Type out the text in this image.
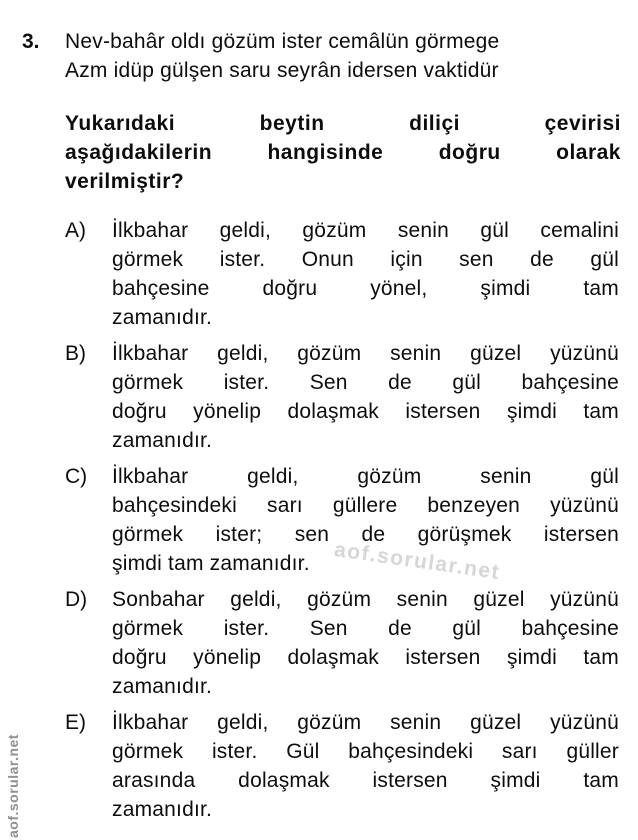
3. Nev-bahâr oldı gözüm ister cemâlün görmege
Azm idüp gülşen saru seyrân idersen vaktidür
Yukarıdaki beytin diliçi çevirisi
aşağıdakilerin hangisinde doğru olarak
verilmiştir?
A)	İlkbahar geldi, gözüm senin gül cemalini
görmek ister. Onun için sen de gül
bahçesine doğru yönel, şimdi tam
zamanıdır.
B)	İlkbahar geldi, gözüm senin güzel yüzünü
görmek ister. Sen de gül bahçesine
doğru yönelip dolaşmak istersen şimdi tam
zamanıdır.
C)	İlkbahar geldi, gözüm senin gül
bahçesindeki sarı güllere benzeyen yüzünü
görmek ister; sen de görüşmek istersen
şimdi tam zamanıdır.
D)	Sonbahar geldi, gözüm senin güzel yüzünü
görmek ister. Sen de gül bahçesine
doğru yönelip dolaşmak istersen şimdi tam
zamanıdır.
E)	İlkbahar geldi, gözüm senin güzel yüzünü
görmek ister. Gül bahçesindeki sarı güller
arasında dolaşmak istersen şimdi tam
zamanıdır.
aof.sorular.net
aof.sorular.net
